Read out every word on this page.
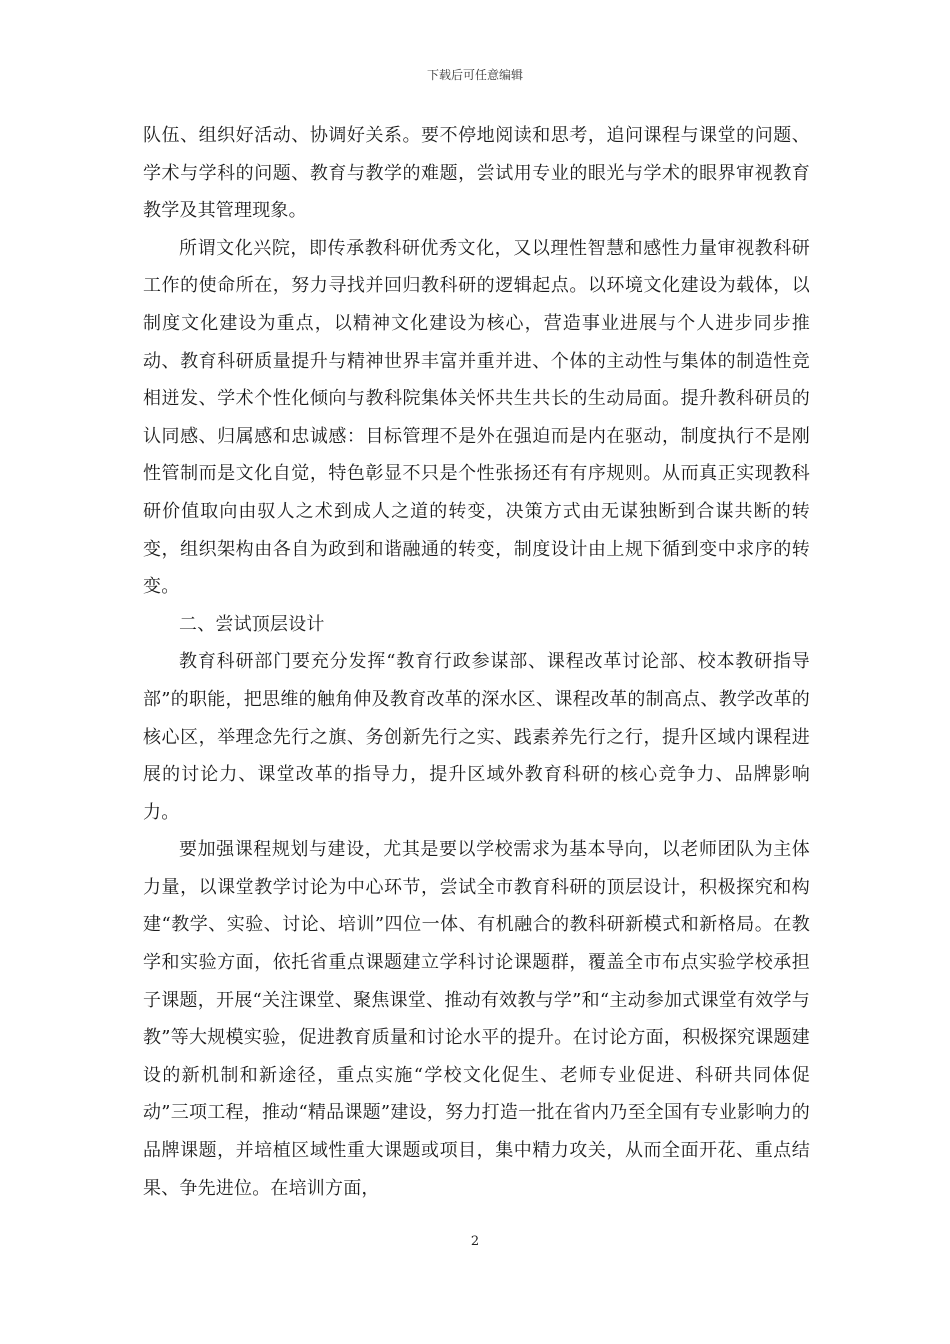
下载后可任意编辑

队伍、组织好活动、协调好关系。要不停地阅读和思考，追问课程与课堂的问题、学术与学科的问题、教育与教学的难题，尝试用专业的眼光与学术的眼界审视教育教学及其管理现象。

所谓文化兴院，即传承教科研优秀文化，又以理性智慧和感性力量审视教科研工作的使命所在，努力寻找并回归教科研的逻辑起点。以环境文化建设为载体，以制度文化建设为重点，以精神文化建设为核心，营造事业进展与个人进步同步推动、教育科研质量提升与精神世界丰富并重并进、个体的主动性与集体的制造性竞相迸发、学术个性化倾向与教科院集体关怀共生共长的生动局面。提升教科研员的认同感、归属感和忠诚感：目标管理不是外在强迫而是内在驱动，制度执行不是刚性管制而是文化自觉，特色彰显不只是个性张扬还有有序规则。从而真正实现教科研价值取向由驭人之术到成人之道的转变，决策方式由无谋独断到合谋共断的转变，组织架构由各自为政到和谐融通的转变，制度设计由上规下循到变中求序的转变。

二、尝试顶层设计

教育科研部门要充分发挥“教育行政参谋部、课程改革讨论部、校本教研指导部”的职能，把思维的触角伸及教育改革的深水区、课程改革的制高点、教学改革的核心区，举理念先行之旗、务创新先行之实、践素养先行之行，提升区域内课程进展的讨论力、课堂改革的指导力，提升区域外教育科研的核心竞争力、品牌影响力。

要加强课程规划与建设，尤其是要以学校需求为基本导向，以老师团队为主体力量，以课堂教学讨论为中心环节，尝试全市教育科研的顶层设计，积极探究和构建“教学、实验、讨论、培训”四位一体、有机融合的教科研新模式和新格局。在教学和实验方面，依托省重点课题建立学科讨论课题群，覆盖全市布点实验学校承担子课题，开展“关注课堂、聚焦课堂、推动有效教与学”和“主动参加式课堂有效学与教”等大规模实验，促进教育质量和讨论水平的提升。在讨论方面，积极探究课题建设的新机制和新途径，重点实施“学校文化促生、老师专业促进、科研共同体促动”三项工程，推动“精品课题”建设，努力打造一批在省内乃至全国有专业影响力的品牌课题，并培植区域性重大课题或项目，集中精力攻关，从而全面开花、重点结果、争先进位。在培训方面，

2
